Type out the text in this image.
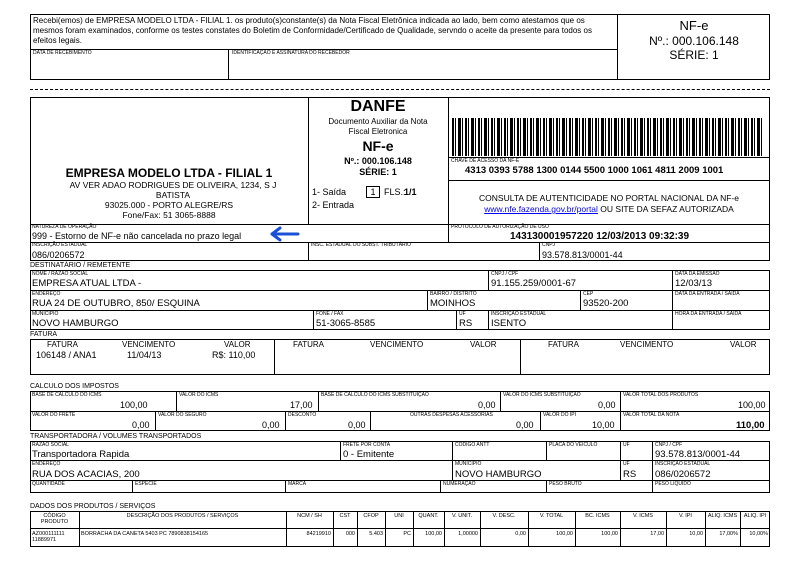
Recebi(emos) de EMPRESA MODELO LTDA - FILIAL 1. os produto(s)constante(s) da Nota Fiscal Eletrônica indicada ao lado, bem como atestamos que os mesmos foram examinados, conforme os testes constates do Boletim de Conformidade/Certificado de Qualidade, servndo o aceite da presente para todos os efeitos legais.
DATA DE RECEBIMENTO	IDENTIFICAÇÃO E ASSINATURA DO RECEBEDOR
NF-e
Nº.: 000.106.148
SÉRIE: 1
EMPRESA MODELO LTDA - FILIAL 1
AV VER ADAO RODRIGUES DE OLIVEIRA, 1234, S J BATISTA
93025.000 - PORTO ALEGRE/RS
Fone/Fax: 51 3065-8888
DANFE
Documento Auxiliar da Nota Fiscal Eletronica
NF-e
Nº.: 000.106.148
SÉRIE: 1
1- Saída
2- Entrada
1 FLS.:
1/1
CHAVE DE ACESSO DA NF-E
4313 0393 5788 1300 0144 5500 1000 1061 4811 2009 1001
CONSULTA DE AUTENTICIDADE NO PORTAL NACIONAL DA NF-e
www.nfe.fazenda.gov.br/portal OU SITE DA SEFAZ AUTORIZADA
NATUREZA DE OPERAÇÃO
999 - Estorno de NF-e não cancelada no prazo legal
PROTOCOLO DE AUTORIZAÇÃO DE USO
143130001957220 12/03/2013 09:32:39
INSCRIÇÃO ESTADUAL
086/0206572
INSC. ESTADUAL DO SUBST. TRIBUTÁRIO	CNPJ
93.578.813/0001-44
DESTINATÁRIO / REMETENTE
NOME / RAZÃO SOCIAL
EMPRESA ATUAL LTDA -
CNPJ / CPF
91.155.259/0001-67
DATA DA EMISSÃO
12/03/13
ENDEREÇO
RUA 24 DE OUTUBRO, 850/ ESQUINA
BAIRRO / DISTRITO
MOINHOS
CEP
93520-200
DATA DA ENTRADA / SAÍDA
MUNICÍPIO
NOVO HAMBURGO
FONE / FAX
51-3065-8585
UF
RS
INSCRIÇÃO ESTADUAL
ISENTO
HORA DA ENTRADA / SAÍDA
FATURA
FATURA	VENCIMENTO	VALOR
106148 / ANA1	11/04/13	R$: 110,00
FATURA	VENCIMENTO	VALOR	FATURA	VENCIMENTO	VALOR
CALCULO DOS IMPOSTOS
BASE DE CÁLCULO DO ICMS
100,00
VALOR DO ICMS
17,00
BASE DE CÁLCULO DO ICMS SUBSTITUIÇÃO
0,00
VALOR DO ICMS SUBSTITUIÇÃO
0,00
VALOR TOTAL DOS PRODUTOS
100,00
VALOR DO FRETE
0,00
VALOR DO SEGURO
0,00
DESCONTO
0,00
OUTRAS DESPESAS ACESSÓRIAS
0,00
VALOR DO IPI
10,00
VALOR TOTAL DA NOTA
110,00
TRANSPORTADORA / VOLUMES TRANSPORTADOS
RAZÃO SOCIAL
Transportadora Rapida
FRETE POR CONTA
0 - Emitente
CÓDIGO ANTT	PLACA DO VEÍCULO	UF	CNPJ / CPF
93.578.813/0001-44
ENDEREÇO
RUA DOS ACACIAS, 200
MUNICÍPIO
NOVO HAMBURGO
UF
RS
INSCRIÇÃO ESTADUAL
086/0206572
QUANTIDADE	ESPÉCIE	MARCA	NUMERAÇÃO	PESO BRUTO	PESO LÍQUIDO
DADOS DOS PRODUTOS / SERVIÇOS
CÓDIGO PRODUTO
DESCRIÇÃO DOS PRODUTOS / SERVIÇOS	NCM / SH	CST	CFOP	UNI	QUANT.	V. UNIT.	V. DESC.	V. TOTAL	BC. ICMS	V. ICMS	V. IPI	ALIQ. ICMS	ALIQ. IPI
AZ000111111 11889971
BORRACHA DA CANETA 5403 PC 7890838154165	84219910	000	5.403	PC	100,00	1,00000	0,00	100,00	100,00	17,00	10,00	17,00%	10,00%
